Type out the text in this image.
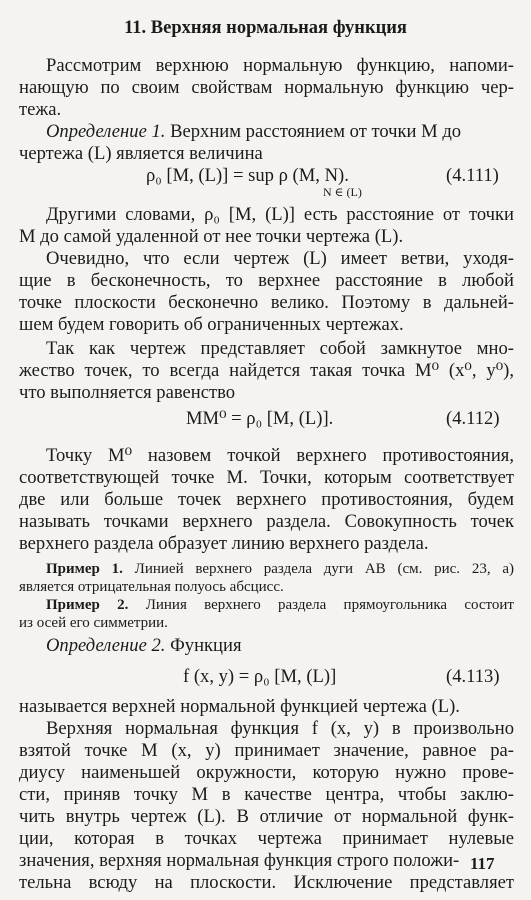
11. Верхняя нормальная функция
Рассмотрим верхнюю нормальную функцию, напоми-
нающую по своим свойствам нормальную функцию чер-
тежа.
Определение 1. Верхним расстоянием от точки M до
чертежа (L) является величина
ρ₀ [M, (L)] = sup ρ (M, N).
N ∈ (L)
(4.111)
Другими словами, ρ₀ [M, (L)] есть расстояние от точки
M до самой удаленной от нее точки чертежа (L).
Очевидно, что если чертеж (L) имеет ветви, уходя-
щие в бесконечность, то верхнее расстояние в любой
точке плоскости бесконечно велико. Поэтому в дальней-
шем будем говорить об ограниченных чертежах.
Так как чертеж представляет собой замкнутое мно-
жество точек, то всегда найдется такая точка M⁰ (x⁰, y⁰),
что выполняется равенство
MM⁰ = ρ₀ [M, (L)].	(4.112)
Точку M⁰ назовем точкой верхнего противостояния,
соответствующей точке M. Точки, которым соответствует
две или больше точек верхнего противостояния, будем
называть точками верхнего раздела. Совокупность точек
верхнего раздела образует линию верхнего раздела.
Пример 1. Линией верхнего раздела дуги AB (см. рис. 23, а)
является отрицательная полуось абсцисс.
Пример 2. Линия верхнего раздела прямоугольника состоит
из осей его симметрии.
Определение 2. Функция
f (x, y) = ρ₀ [M, (L)]	(4.113)
называется верхней нормальной функцией чертежа (L).
Верхняя нормальная функция f (x, y) в произвольно
взятой точке M (x, y) принимает значение, равное ра-
диусу наименьшей окружности, которую нужно прове-
сти, приняв точку M в качестве центра, чтобы заклю-
чить внутрь чертеж (L). В отличие от нормальной функ-
ции, которая в точках чертежа принимает нулевые
значения, верхняя нормальная функция строго положи-
тельна всюду на плоскости. Исключение представляет
117
